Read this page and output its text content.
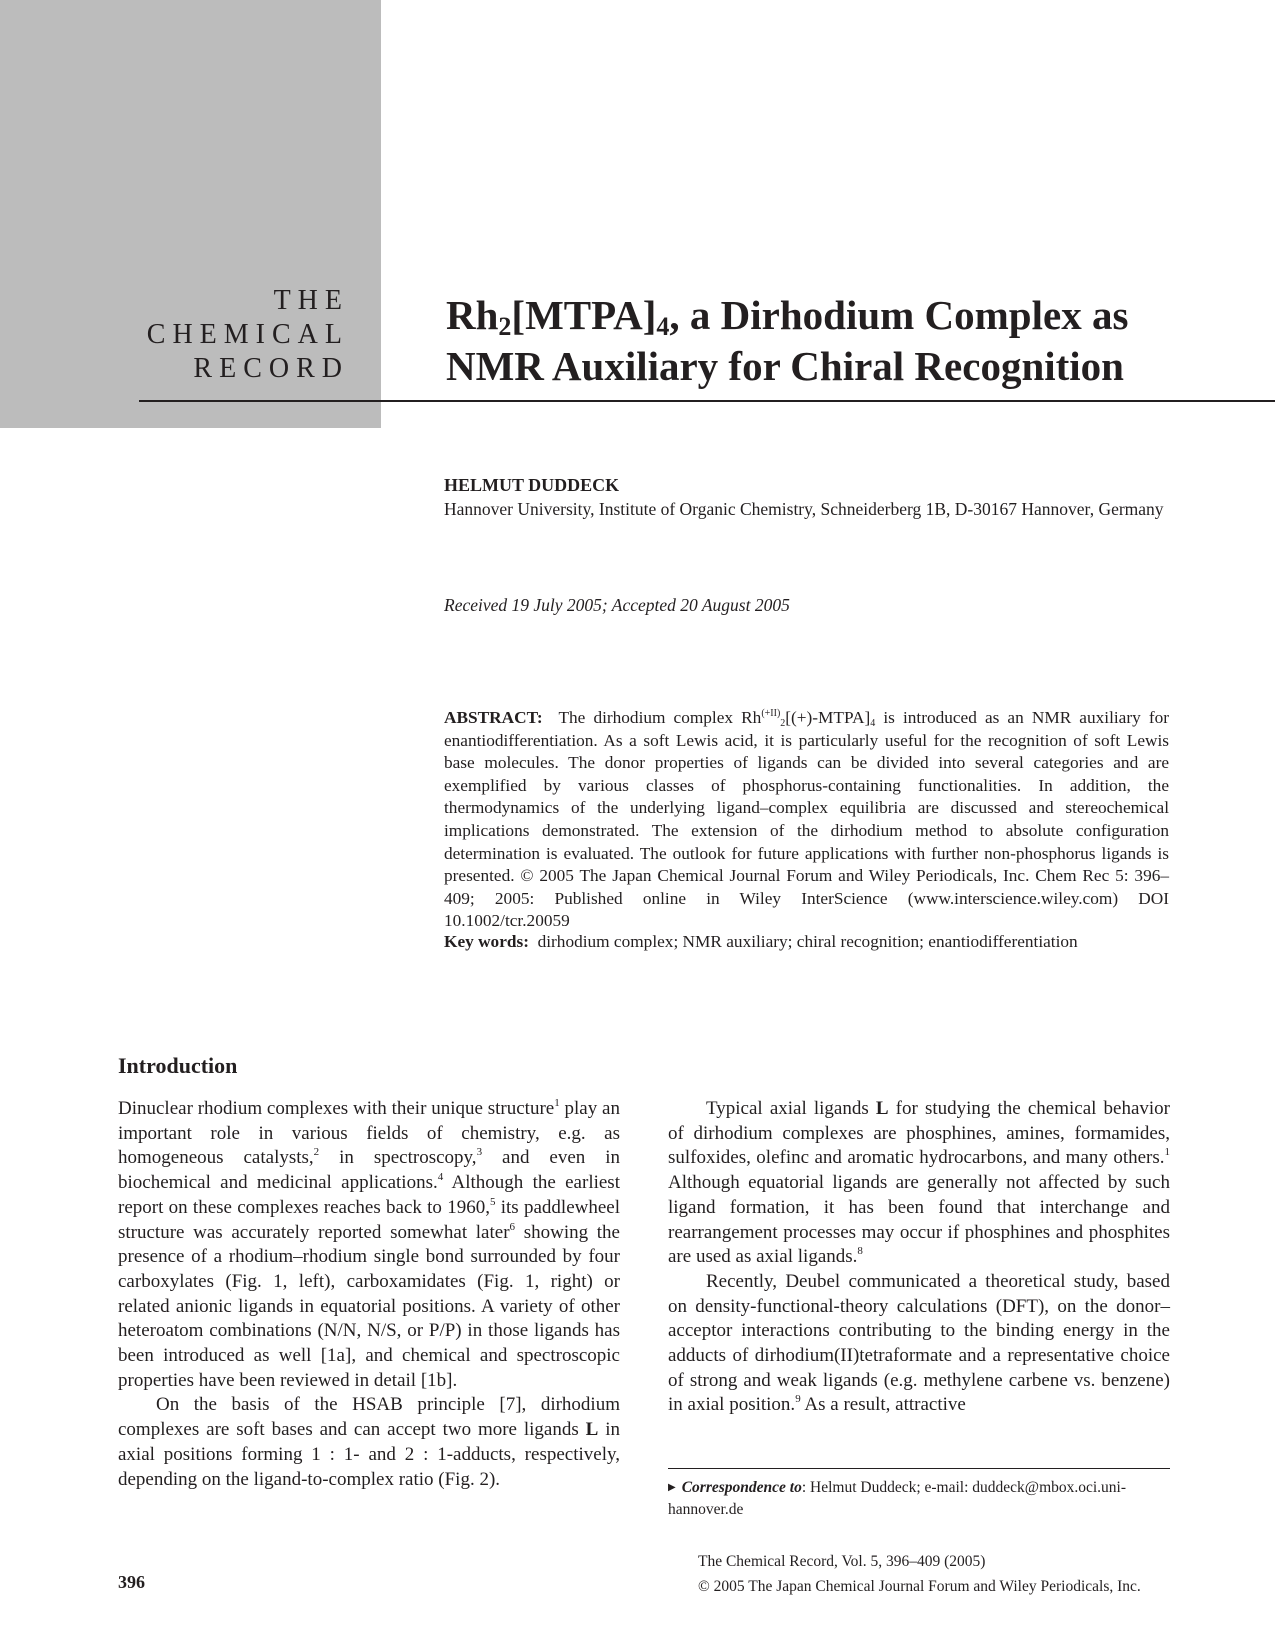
THE
CHEMICAL
RECORD
$Rh_2[MTPA]_4$, a Dirhodium Complex as
NMR Auxiliary for Chiral Recognition
HELMUT DUDDECK
Hannover University, Institute of Organic Chemistry, Schneiderberg 1B, D-30167 Hannover, Germany
Received 19 July 2005; Accepted 20 August 2005
ABSTRACT: The dirhodium complex $Rh^{(+II)}_2[(+)-MTPA]_4$ is introduced as an NMR auxiliary for enantiodifferentiation. As a soft Lewis acid, it is particularly useful for the recognition of soft Lewis base molecules. The donor properties of ligands can be divided into several categories and are exemplified by various classes of phosphorus-containing functionalities. In addition, the thermodynamics of the underlying ligand–complex equilibria are discussed and stereochemical implications demonstrated. The extension of the dirhodium method to absolute configuration determination is evaluated. The outlook for future applications with further non-phosphorus ligands is presented. © 2005 The Japan Chemical Journal Forum and Wiley Periodicals, Inc. Chem Rec 5: 396–409; 2005: Published online in Wiley InterScience (www.interscience.wiley.com) DOI 10.1002/tcr.20059
Key words: dirhodium complex; NMR auxiliary; chiral recognition; enantiodifferentiation
Introduction

Dinuclear rhodium complexes with their unique structure$^1$ play an important role in various fields of chemistry, e.g. as homogeneous catalysts,$^2$ in spectroscopy,$^3$ and even in biochemical and medicinal applications.$^4$ Although the earliest report on these complexes reaches back to 1960,$^5$ its paddlewheel structure was accurately reported somewhat later$^6$ showing the presence of a rhodium–rhodium single bond surrounded by four carboxylates (Fig. 1, left), carboxamidates (Fig. 1, right) or related anionic ligands in equatorial positions. A variety of other heteroatom combinations (N/N, N/S, or P/P) in those ligands has been introduced as well [1a], and chemical and spectroscopic properties have been reviewed in detail [1b].

On the basis of the HSAB principle [7], dirhodium complexes are soft bases and can accept two more ligands L in axial positions forming 1 : 1- and 2 : 1-adducts, respectively, depending on the ligand-to-complex ratio (Fig. 2).

Typical axial ligands L for studying the chemical behavior of dirhodium complexes are phosphines, amines, formamides, sulfoxides, olefinc and aromatic hydrocarbons, and many others.$^1$ Although equatorial ligands are generally not affected by such ligand formation, it has been found that interchange and rearrangement processes may occur if phosphines and phosphites are used as axial ligands.$^8$

Recently, Deubel communicated a theoretical study, based on density-functional-theory calculations (DFT), on the donor–acceptor interactions contributing to the binding energy in the adducts of dirhodium(II)tetraformate and a representative choice of strong and weak ligands (e.g. methylene carbene vs. benzene) in axial position.$^9$ As a result, attractive

▶ Correspondence to: Helmut Duddeck; e-mail: duddeck@mbox.oci.uni-hannover.de
The Chemical Record, Vol. 5, 396–409 (2005)
© 2005 The Japan Chemical Journal Forum and Wiley Periodicals, Inc.
396
